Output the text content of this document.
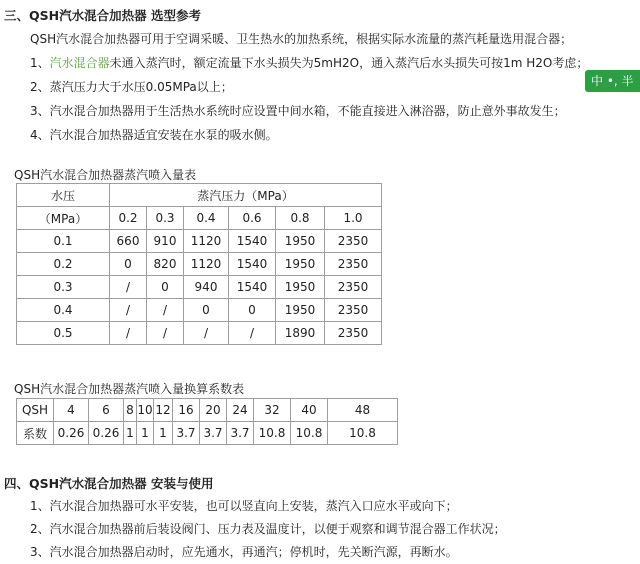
三、QSH汽水混合加热器 选型参考
QSH汽水混合加热器可用于空调采暖、卫生热水的加热系统，根据实际水流量的蒸汽耗量选用混合器；
1、汽水混合器未通入蒸汽时，额定流量下水头损失为5mH2O，通入蒸汽后水头损失可按1m H2O考虑；
2、蒸汽压力大于水压0.05MPa以上；
3、汽水混合加热器用于生活热水系统时应设置中间水箱，不能直接进入淋浴器，防止意外事故发生；
4、汽水混合加热器适宜安装在水泵的吸水侧。
中 •, 半
QSH汽水混合加热器蒸汽喷入量表
水压	蒸汽压力（MPa）					
（MPa）	0.2	0.3	0.4	0.6	0.8	1.0
0.1	660	910	1120	1540	1950	2350
0.2	0	820	1120	1540	1950	2350
0.3	/	0	940	1540	1950	2350
0.4	/	/	0	0	1950	2350
0.5	/	/	/	/	1890	2350
QSH汽水混合加热器蒸汽喷入量换算系数表
QSH	4	6	8	10	12	16	20	24	32	40	48
系数	0.26	0.26	1	1	1	3.7	3.7	3.7	10.8	10.8	10.8
四、QSH汽水混合加热器 安装与使用
1、汽水混合加热器可水平安装，也可以竖直向上安装，蒸汽入口应水平或向下；
2、汽水混合加热器前后装设阀门、压力表及温度计，以便于观察和调节混合器工作状况；
3、汽水混合加热器启动时，应先通水，再通汽；停机时，先关断汽源，再断水。
